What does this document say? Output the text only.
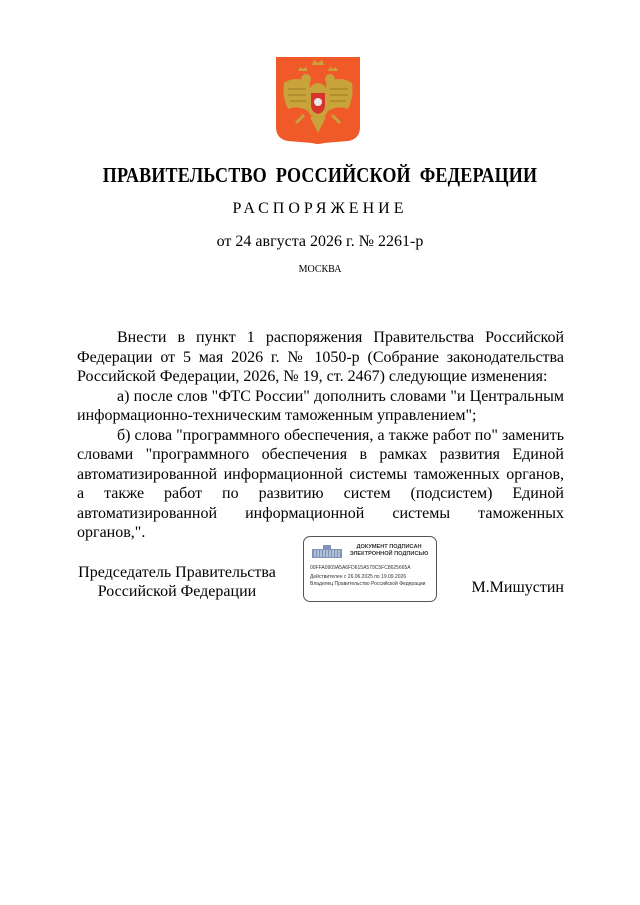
ПРАВИТЕЛЬСТВО РОССИЙСКОЙ ФЕДЕРАЦИИ
РАСПОРЯЖЕНИЕ
от 24 августа 2026 г. № 2261-р
МОСКВА

Внести в пункт 1 распоряжения Правительства Российской Федерации от 5 мая 2026 г. № 1050-р (Собрание законодательства Российской Федерации, 2026, № 19, ст. 2467) следующие изменения:

а) после слов "ФТС России" дополнить словами "и Центральным информационно-техническим таможенным управлением";

б) слова "программного обеспечения, а также работ по" заменить словами "программного обеспечения в рамках развития Единой автоматизированной информационной системы таможенных органов, а также работ по развитию систем (подсистем) Единой автоматизированной информационной системы таможенных органов,".

Председатель Правительства
Российской Федерации
ДОКУМЕНТ ПОДПИСАН
ЭЛЕКТРОННОЙ ПОДПИСЬЮ
00FFA0909A5A6FD615A579C5FC8625665A
Действителен с 26.06.2025 по 19.09.2026
Владелец Правительство Российской Федерации	М.Мишустин
